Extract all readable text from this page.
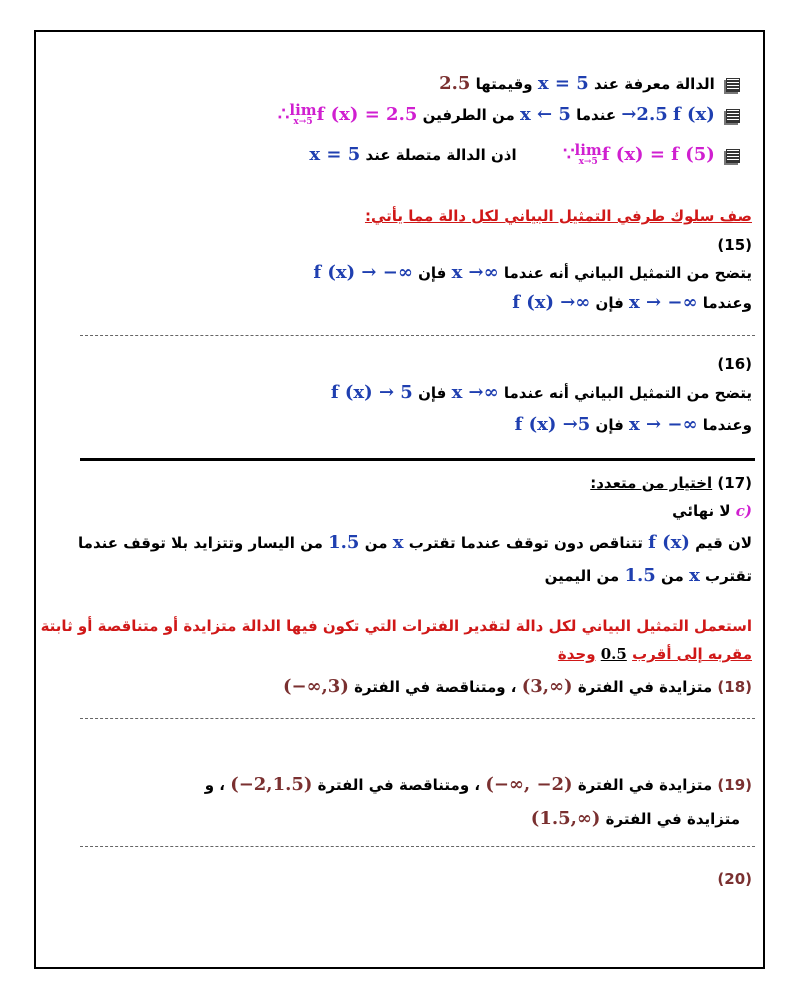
الدالة معرفة عند x = 5 وقيمتها 2.5
f (x) →2.5 عندما 5 ← x من الطرفين ∴ lim
x→5 f (x) = 2.5
∵ lim
x→5 f (x) = f (5)  اذن الدالة متصلة عند x = 5
صف سلوك طرفي التمثيل البياني لكل دالة مما يأتي:
(15)
يتضح من التمثيل البياني أنه عندما x →∞ فإن f (x) → −∞
وعندما x → −∞ فإن f (x) →∞
(16)
يتضح من التمثيل البياني أنه عندما x →∞ فإن f (x) → 5
وعندما x → −∞ فإن f (x) →5
(17) اختيار من متعدد:
c) لا نهائي
لان قيم f (x) تتناقص دون توقف عندما تقترب x من 1.5 من اليسار وتتزايد بلا توقف عندما
تقترب x من 1.5 من اليمين
استعمل التمثيل البياني لكل دالة لتقدير الفترات التي تكون فيها الدالة متزايدة أو متناقصة أو ثابتة
مقربه إلى أقرب 0.5 وحدة
(18) متزايدة في الفترة (3,∞) ، ومتناقصة في الفترة (−∞,3)
(19) متزايدة في الفترة (−∞, −2) ، ومتناقصة في الفترة (−2,1.5) ، و
متزايدة في الفترة (1.5,∞)
(20)
